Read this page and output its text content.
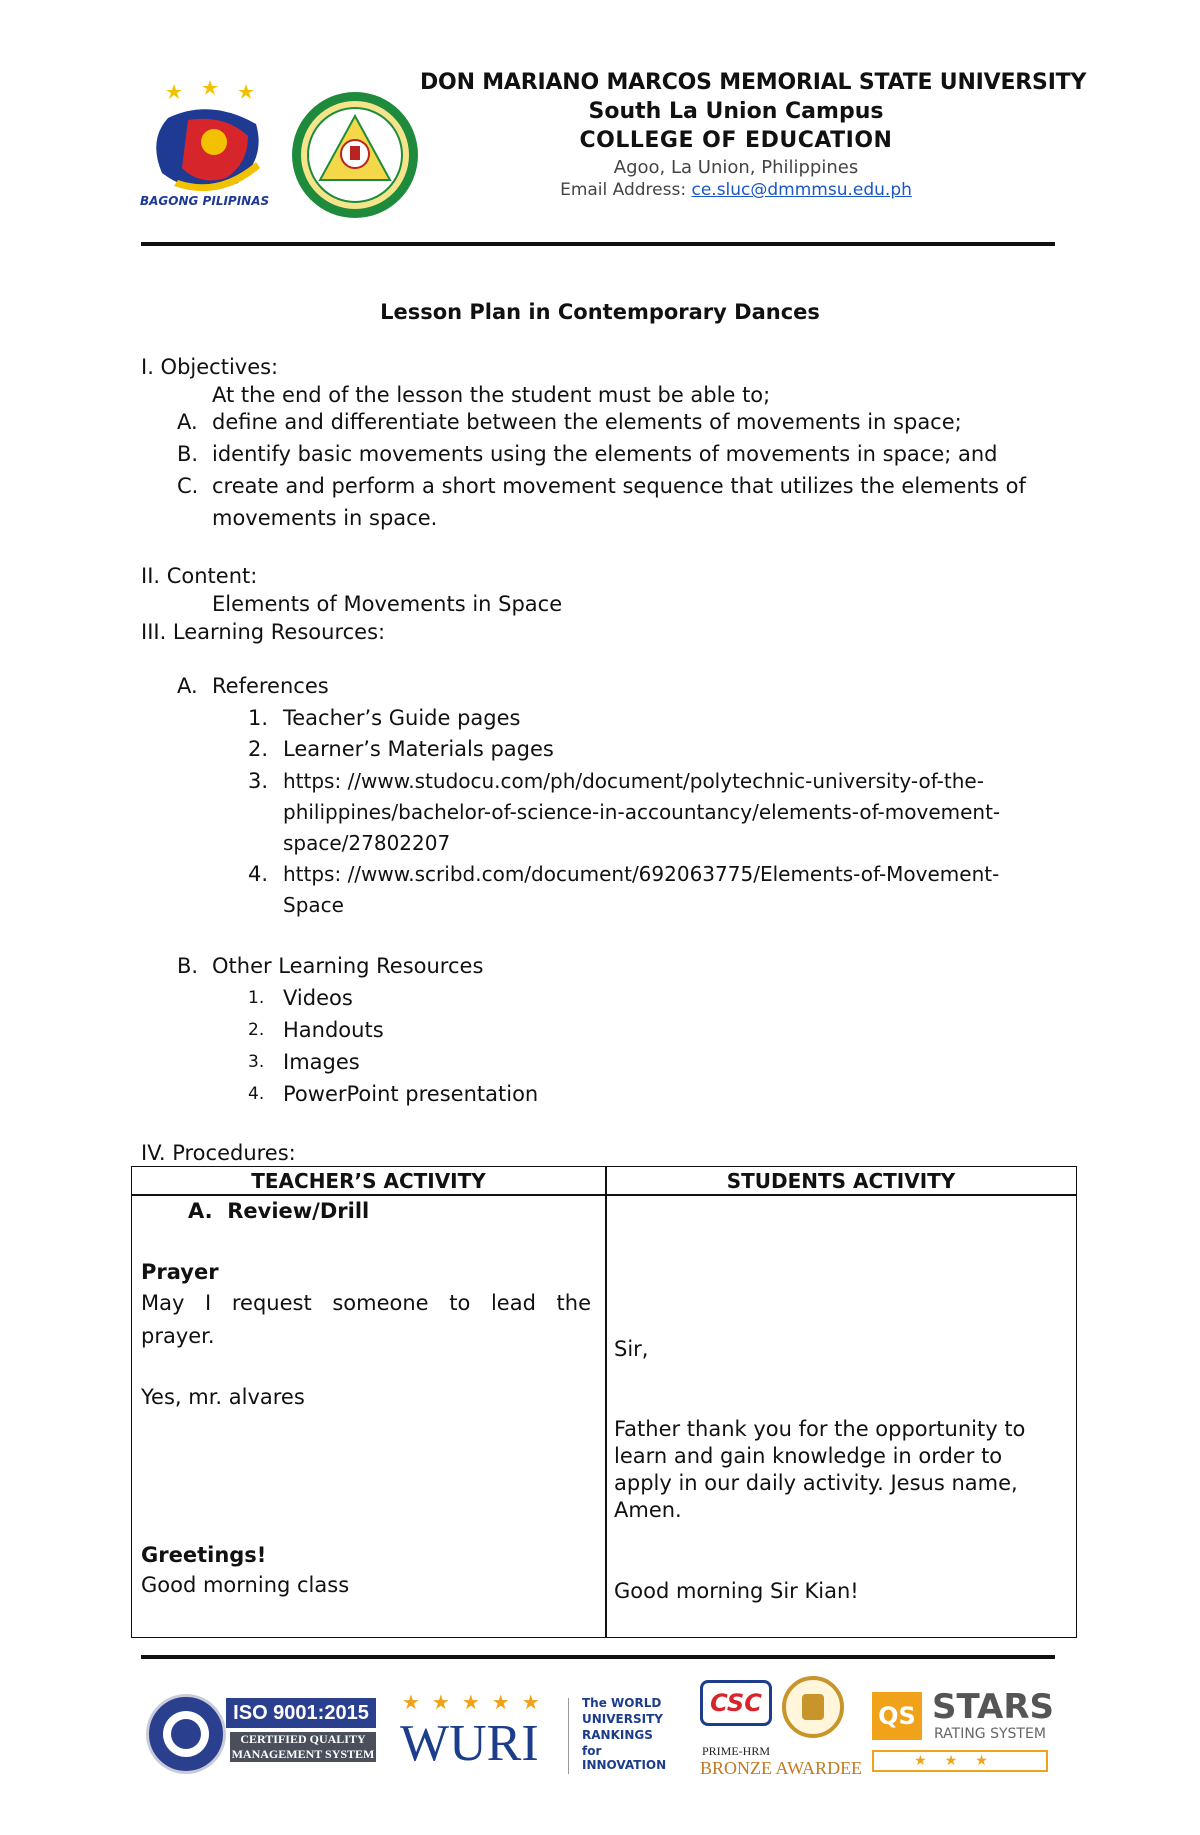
BAGONG PILIPINAS
DON MARIANO MARCOS MEMORIAL STATE UNIVERSITY
South La Union Campus
COLLEGE OF EDUCATION
Agoo, La Union, Philippines
Email Address: ce.sluc@dmmmsu.edu.ph
Lesson Plan in Contemporary Dances
I. Objectives:
At the end of the lesson the student must be able to;
A. define and differentiate between the elements of movements in space;
B. identify basic movements using the elements of movements in space; and
C. create and perform a short movement sequence that utilizes the elements of
movements in space.
II. Content:
Elements of Movements in Space
III. Learning Resources:
A. References
1. Teacher’s Guide pages
2. Learner’s Materials pages
3. https: //www.studocu.com/ph/document/polytechnic-university-of-the-
philippines/bachelor-of-science-in-accountancy/elements-of-movement-
space/27802207
4. https: //www.scribd.com/document/692063775/Elements-of-Movement-
Space
B. Other Learning Resources
1. Videos
2. Handouts
3. Images
4. PowerPoint presentation
IV. Procedures:
TEACHER’S ACTIVITY	STUDENTS ACTIVITY
A.  Review/Drill
Prayer
May I request someone to lead the
prayer.
Yes, mr. alvares
Greetings!
Good morning class
Sir,
Father thank you for the opportunity to
learn and gain knowledge in order to
apply in our daily activity. Jesus name,
Amen.
Good morning Sir Kian!
ISO 9001:2015
CERTIFIED QUALITY
MANAGEMENT SYSTEM
★★★★★
WURI
The WORLD
UNIVERSITY
RANKINGS
for INNOVATION
CSC
PRIME-HRM
BRONZE AWARDEE
QS STARS
RATING SYSTEM
★★★
